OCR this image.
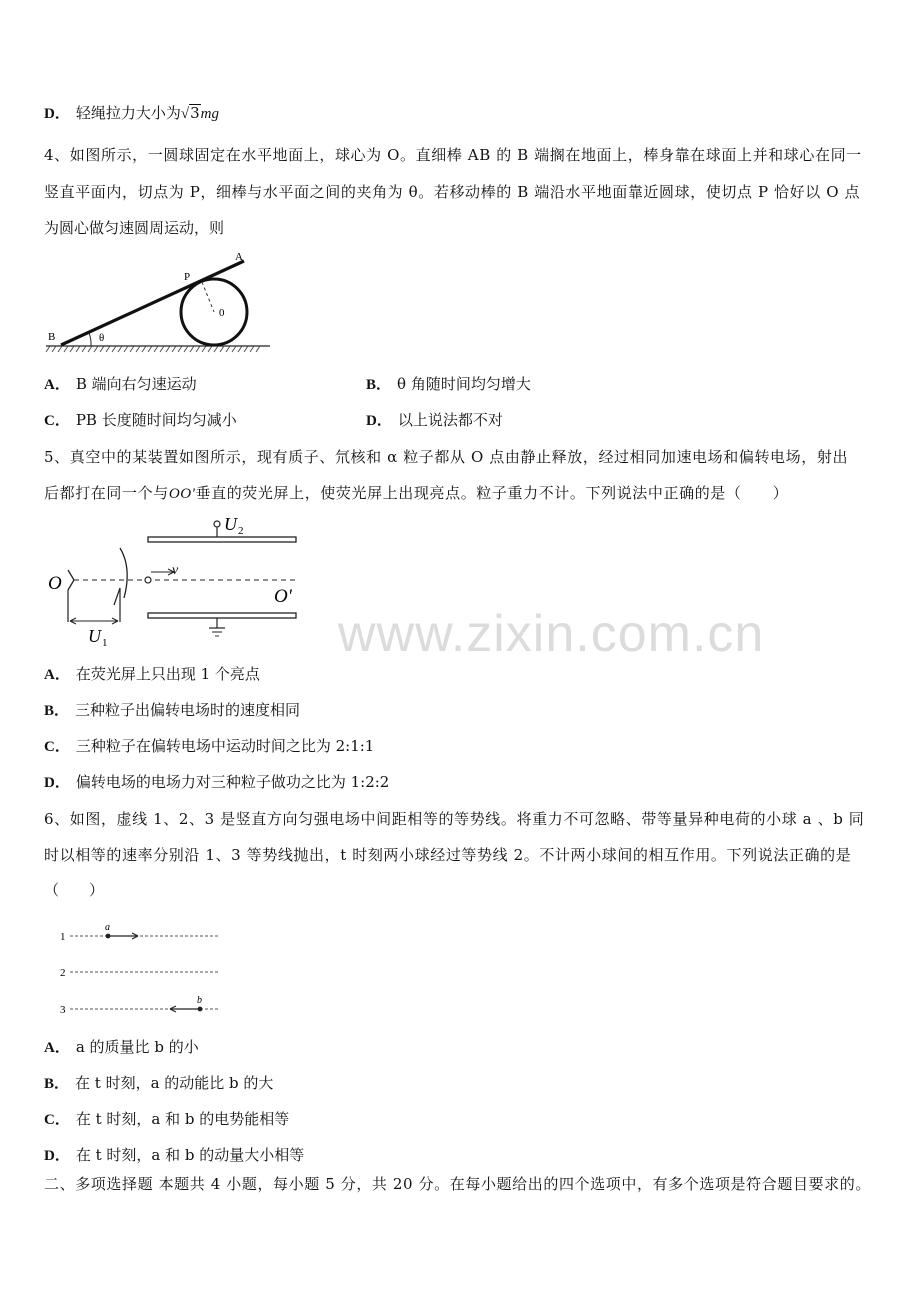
D． 轻绳拉力大小为√3mg
4、如图所示，一圆球固定在水平地面上，球心为 O。直细棒 AB 的 B 端搁在地面上，棒身靠在球面上并和球心在同一
竖直平面内，切点为 P，细棒与水平面之间的夹角为 θ。若移动棒的 B 端沿水平地面靠近圆球，使切点 P 恰好以 O 点
为圆心做匀速圆周运动，则
B
A
P
0
θ
A． B 端向右匀速运动	B． θ 角随时间均匀增大
C． PB 长度随时间均匀减小	D． 以上说法都不对
5、真空中的某装置如图所示，现有质子、氘核和 α 粒子都从 O 点由静止释放，经过相同加速电场和偏转电场，射出
后都打在同一个与OO'垂直的荧光屏上，使荧光屏上出现亮点。粒子重力不计。下列说法中正确的是（　　）
O
O'
v
U 2
U 1	www.zixin.com.cn
A． 在荧光屏上只出现 1 个亮点
B． 三种粒子出偏转电场时的速度相同
C． 三种粒子在偏转电场中运动时间之比为 2:1:1
D． 偏转电场的电场力对三种粒子做功之比为 1:2:2
6、如图，虚线 1、2、3 是竖直方向匀强电场中间距相等的等势线。将重力不可忽略、带等量异种电荷的小球 a 、b 同
时以相等的速率分别沿 1、3 等势线抛出，t 时刻两小球经过等势线 2。不计两小球间的相互作用。下列说法正确的是
（　　）
1
2
3
a
b
A． a 的质量比 b 的小
B． 在 t 时刻，a 的动能比 b 的大
C． 在 t 时刻，a 和 b 的电势能相等
D． 在 t 时刻，a 和 b 的动量大小相等
二、多项选择题 本题共 4 小题，每小题 5 分，共 20 分。在每小题给出的四个选项中，有多个选项是符合题目要求的。
